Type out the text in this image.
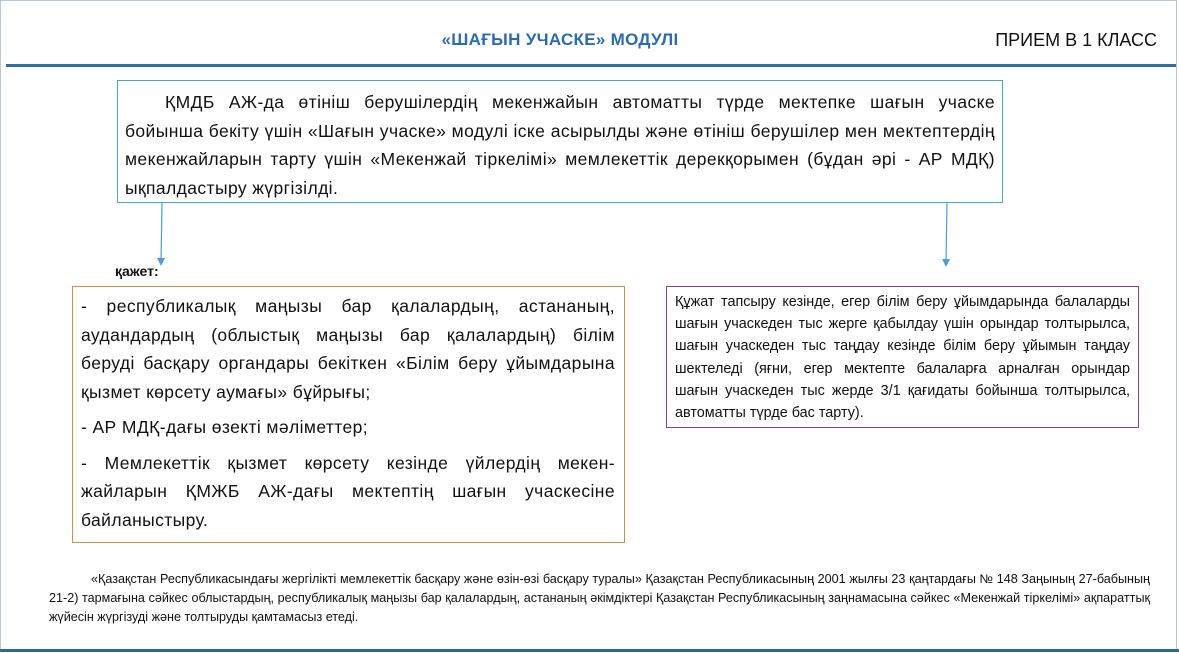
«ШАҒЫН УЧАСКЕ» МОДУЛІ	ПРИЕМ В 1 КЛАСС

ҚМДБ АЖ-да өтініш берушілердің мекенжайын автоматты түрде мектепке шағын учаске бойынша бекіту үшін «Шағын учаске» модулі іске асырылды және өтініш берушілер мен мектептердің мекенжайларын тарту үшін «Мекенжай тіркелімі» мемлекеттік дерекқорымен (бұдан әрі - АР МДҚ) ықпалдастыру жүргізілді.

қажет:

- республикалық маңызы бар қалалардың, астананың, аудандардың (облыстық маңызы бар қалалардың) білім беруді басқару органдары бекіткен «Білім беру ұйымдарына қызмет көрсету аумағы» бұйрығы;

- АР МДҚ-дағы өзекті мәліметтер;

- Мемлекеттік қызмет көрсету кезінде үйлердің мекен-жайларын ҚМЖБ АЖ-дағы мектептің шағын учаскесіне байланыстыру.

Құжат тапсыру кезінде, егер білім беру ұйымдарында балаларды шағын учаскеден тыс жерге қабылдау үшін орындар толтырылса, шағын учаскеден тыс таңдау кезінде білім беру ұйымын таңдау шектеледі (яғни, егер мектепте балаларға арналған орындар шағын учаскеден тыс жерде 3/1 қағидаты бойынша толтырылса, автоматты түрде бас тарту).

«Қазақстан Республикасындағы жергілікті мемлекеттік басқару және өзін-өзі басқару туралы» Қазақстан Республикасының 2001 жылғы 23 қаңтардағы № 148 Заңының 27-бабының 21-2) тармағына сәйкес облыстардың, республикалық маңызы бар қалалардың, астананың әкімдіктері Қазақстан Республикасының заңнамасына сәйкес «Мекенжай тіркелімі» ақпараттық жүйесін жүргізуді және толтыруды қамтамасыз етеді.
